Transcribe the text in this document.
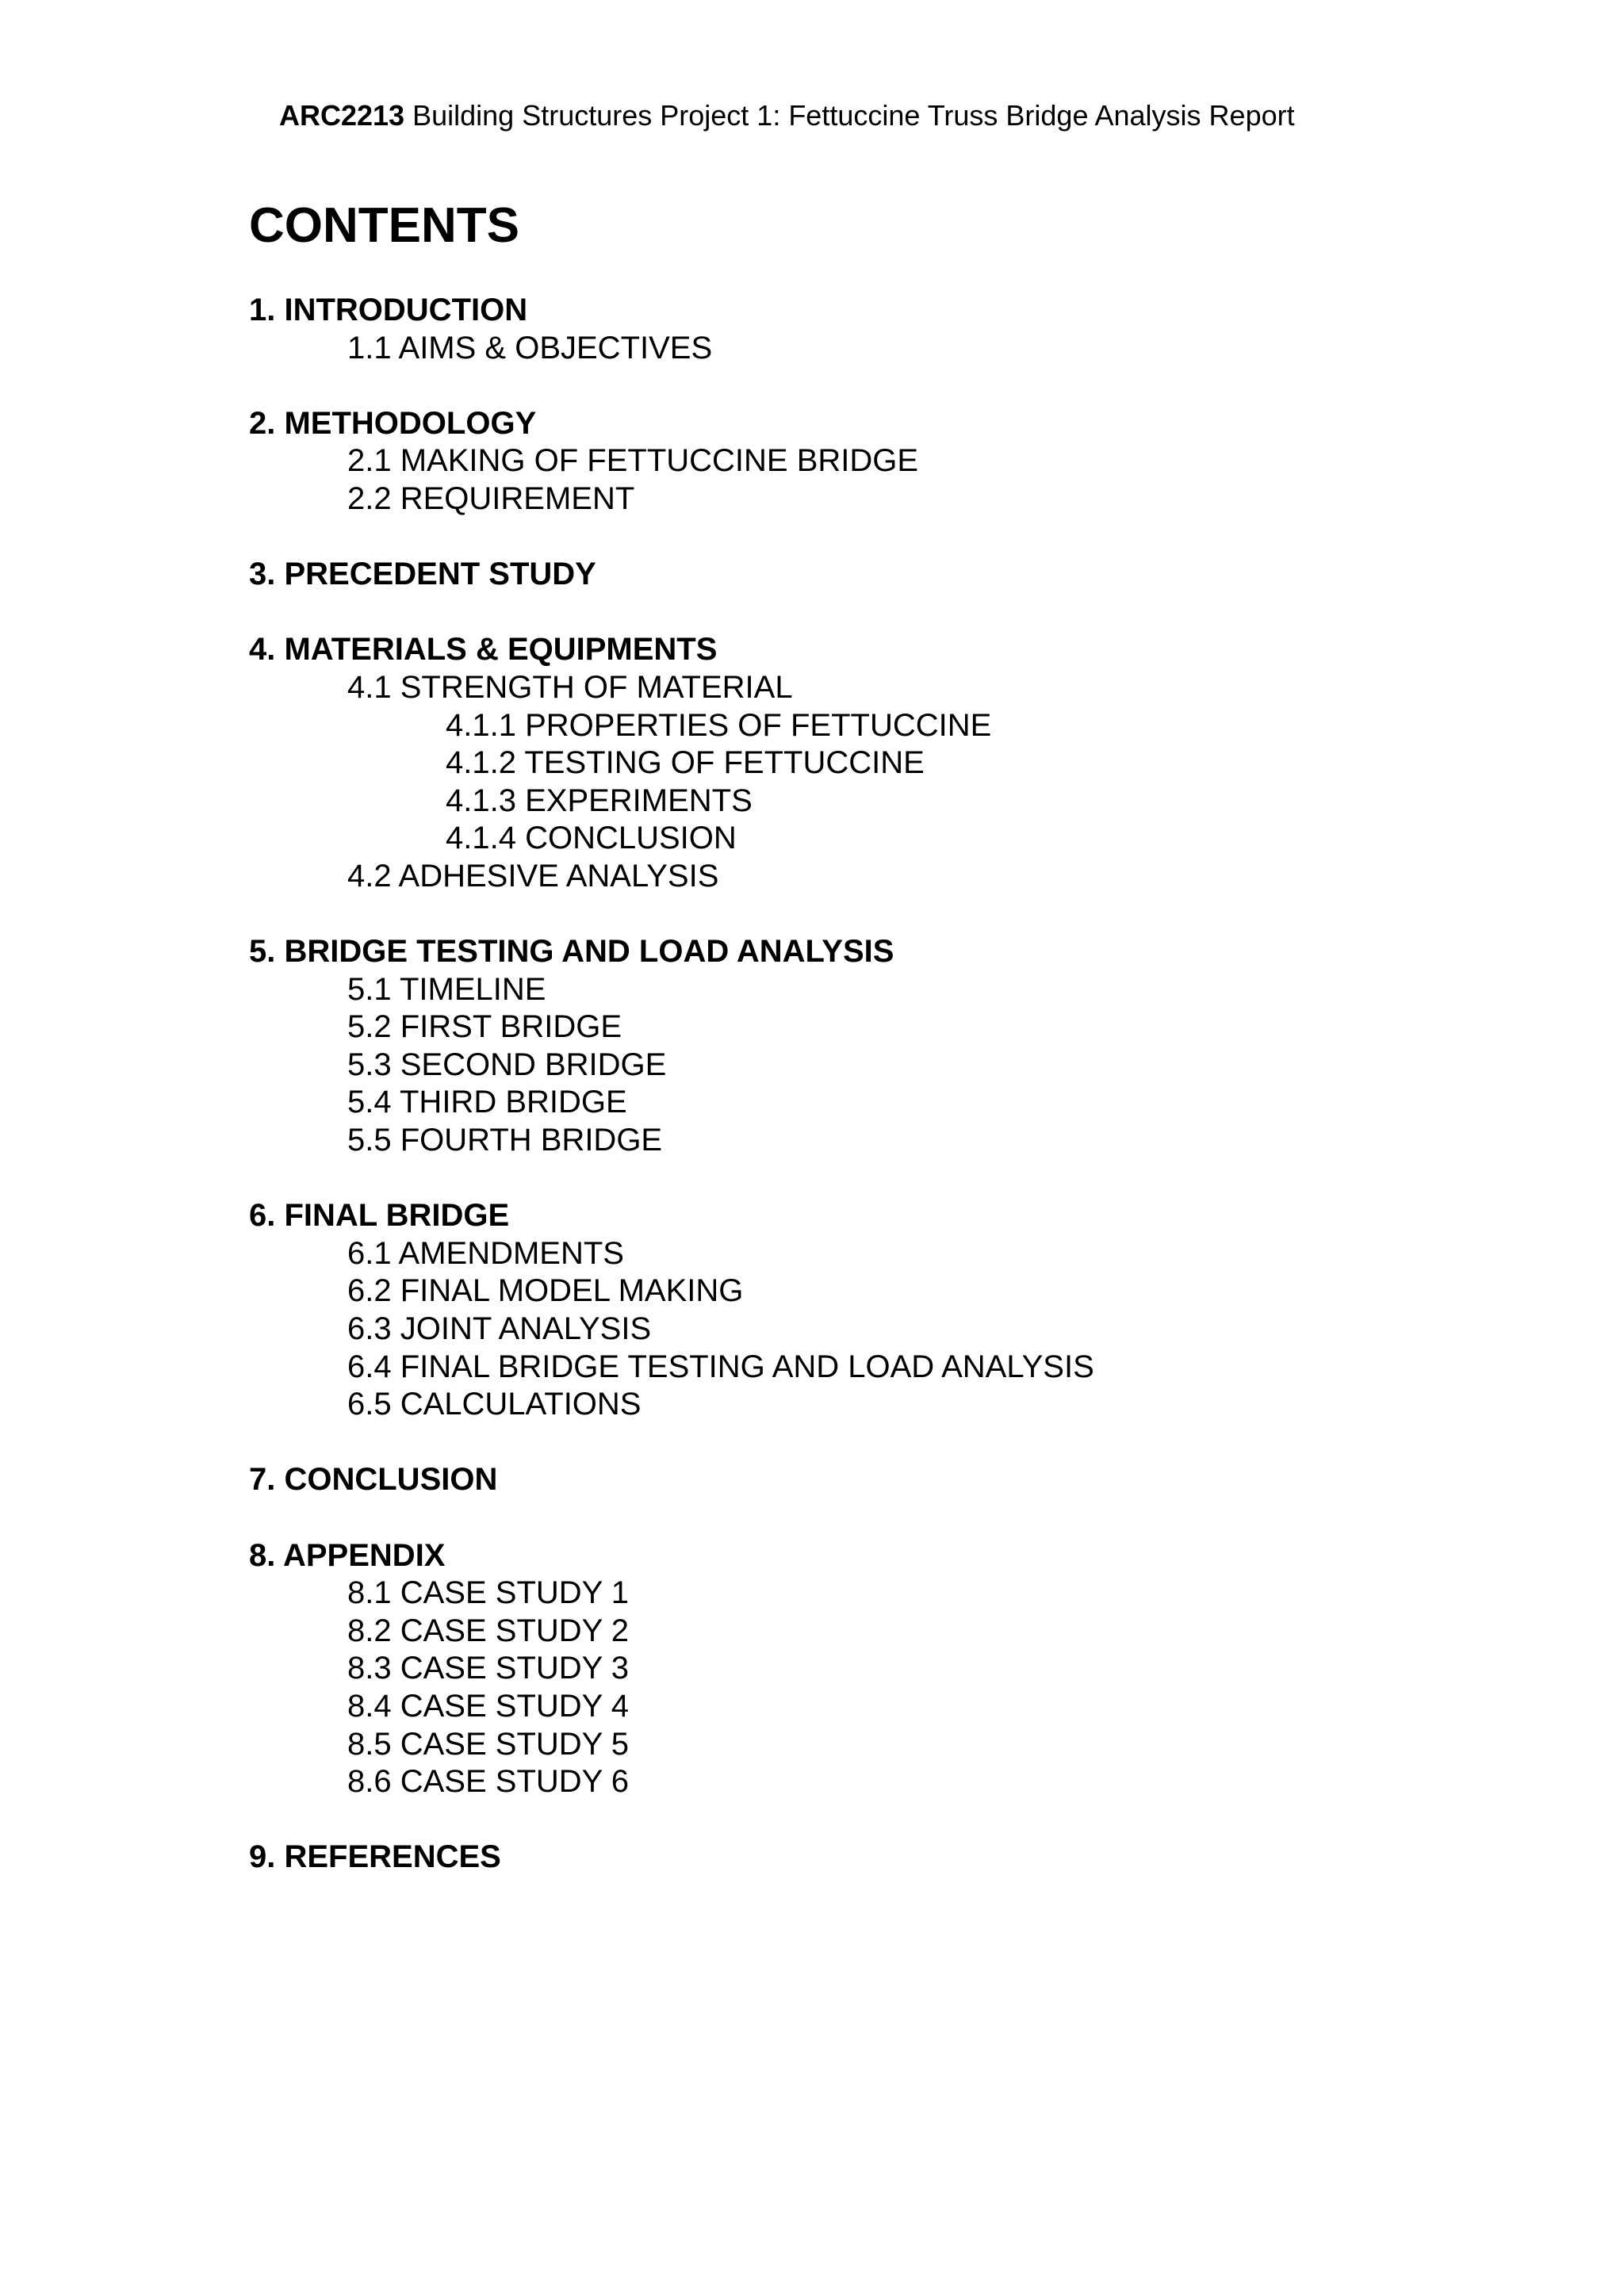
ARC2213 Building Structures Project 1: Fettuccine Truss Bridge Analysis Report
CONTENTS
1. INTRODUCTION
1.1 AIMS & OBJECTIVES
2. METHODOLOGY
2.1 MAKING OF FETTUCCINE BRIDGE
2.2 REQUIREMENT
3. PRECEDENT STUDY
4. MATERIALS & EQUIPMENTS
4.1 STRENGTH OF MATERIAL
4.1.1 PROPERTIES OF FETTUCCINE
4.1.2 TESTING OF FETTUCCINE
4.1.3 EXPERIMENTS
4.1.4 CONCLUSION
4.2 ADHESIVE ANALYSIS
5. BRIDGE TESTING AND LOAD ANALYSIS
5.1 TIMELINE
5.2 FIRST BRIDGE
5.3 SECOND BRIDGE
5.4 THIRD BRIDGE
5.5 FOURTH BRIDGE
6. FINAL BRIDGE
6.1 AMENDMENTS
6.2 FINAL MODEL MAKING
6.3 JOINT ANALYSIS
6.4 FINAL BRIDGE TESTING AND LOAD ANALYSIS
6.5 CALCULATIONS
7. CONCLUSION
8. APPENDIX
8.1 CASE STUDY 1
8.2 CASE STUDY 2
8.3 CASE STUDY 3
8.4 CASE STUDY 4
8.5 CASE STUDY 5
8.6 CASE STUDY 6
9. REFERENCES
